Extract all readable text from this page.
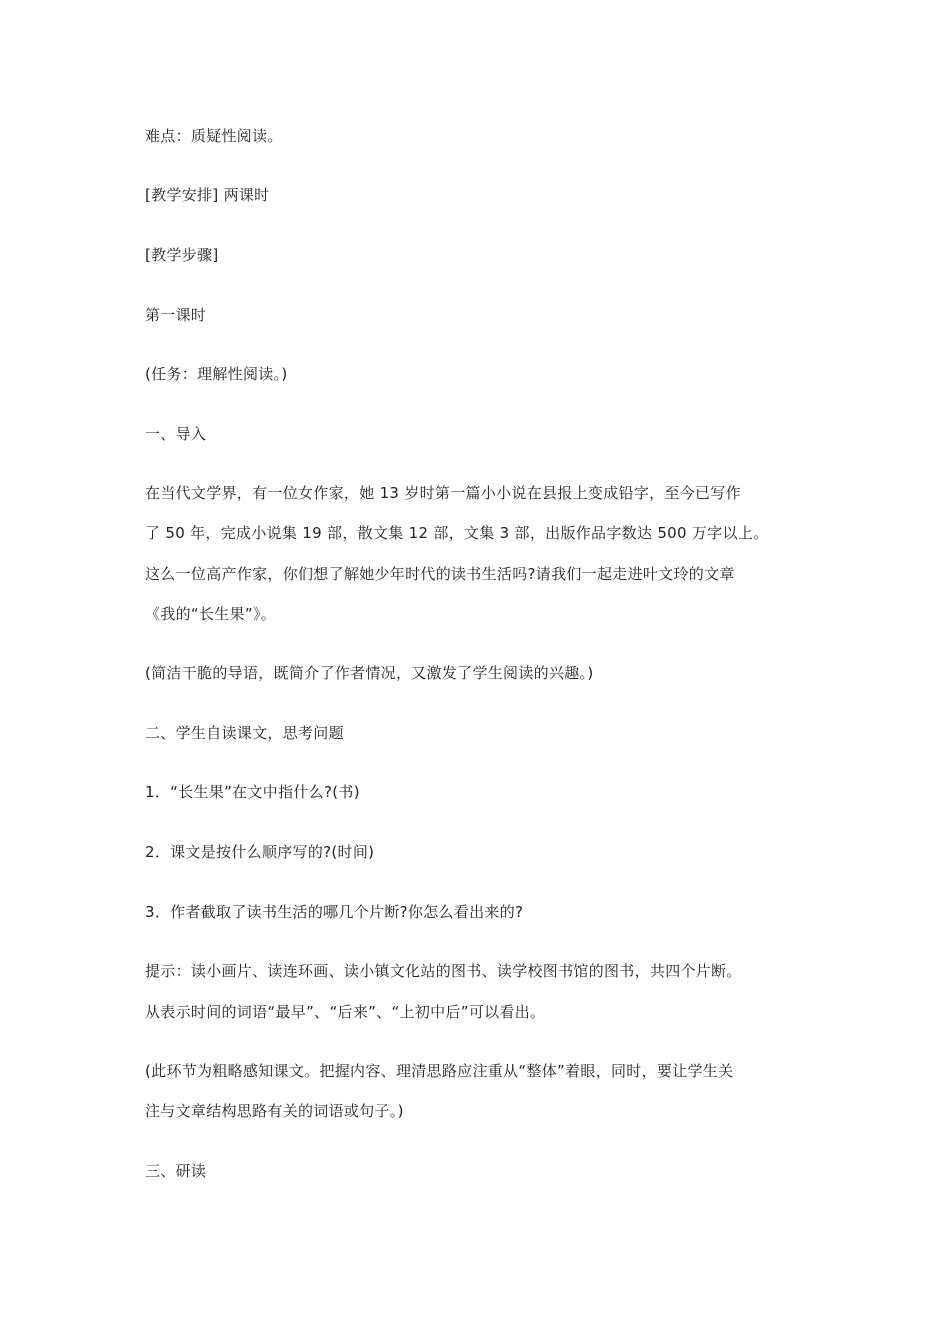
难点：质疑性阅读。
[教学安排] 两课时
[教学步骤]
第一课时
(任务：理解性阅读。)
一、导入
在当代文学界，有一位女作家，她 13 岁时第一篇小小说在县报上变成铅字，至今已写作
了 50 年，完成小说集 19 部，散文集 12 部，文集 3 部，出版作品字数达 500 万字以上。
这么一位高产作家，你们想了解她少年时代的读书生活吗?请我们一起走进叶文玲的文章
《我的“长生果”》。
(简洁干脆的导语，既简介了作者情况，又激发了学生阅读的兴趣。)
二、学生自读课文，思考问题
1．“长生果”在文中指什么?(书)
2．课文是按什么顺序写的?(时间)
3．作者截取了读书生活的哪几个片断?你怎么看出来的?
提示：读小画片、读连环画、读小镇文化站的图书、读学校图书馆的图书，共四个片断。
从表示时间的词语“最早”、“后来”、“上初中后”可以看出。
(此环节为粗略感知课文。把握内容、理清思路应注重从“整体”着眼，同时，要让学生关
注与文章结构思路有关的词语或句子。)
三、研读
